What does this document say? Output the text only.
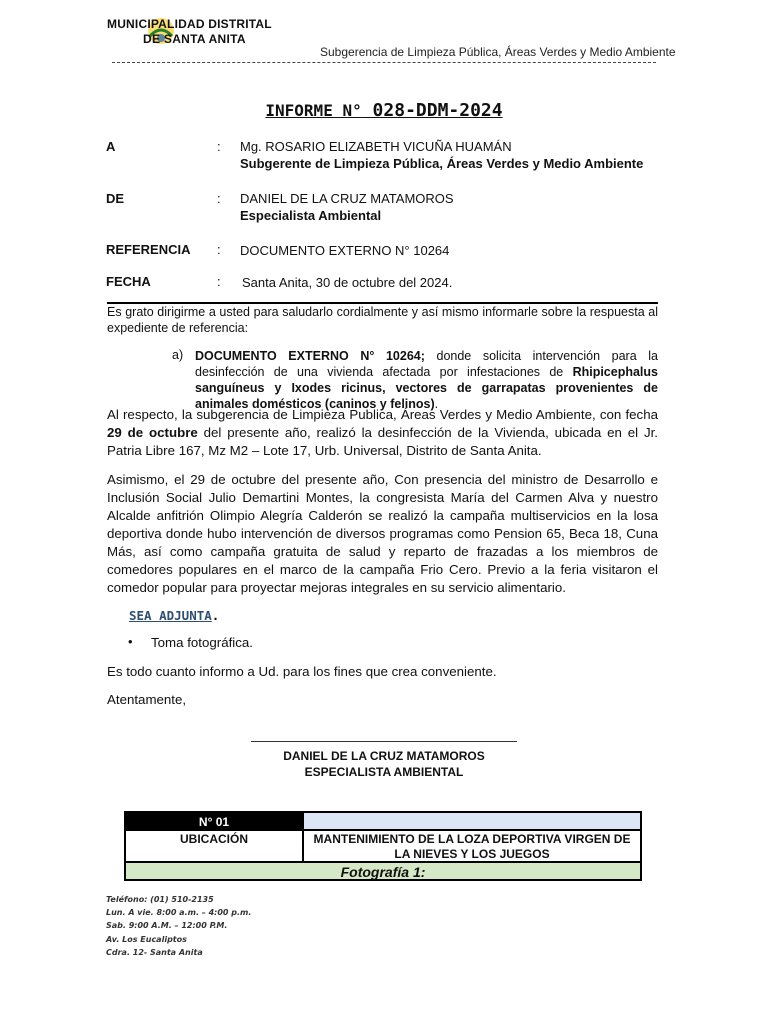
MUNICIPALIDAD DISTRITAL
DE SANTA ANITA
Subgerencia de Limpieza Pública, Áreas Verdes y Medio Ambiente
INFORME N° 028-DDM-2024
A	: Mg. ROSARIO ELIZABETH VICUÑA HUAMÁN
Subgerente de Limpieza Pública, Áreas Verdes y Medio Ambiente
DE	: DANIEL DE LA CRUZ MATAMOROS
Especialista Ambiental
REFERENCIA : DOCUMENTO EXTERNO N° 10264
FECHA	: Santa Anita, 30 de octubre del 2024.
Es grato dirigirme a usted para saludarlo cordialmente y así mismo informarle sobre la respuesta al expediente de referencia:
a) DOCUMENTO EXTERNO N° 10264; donde solicita intervención para la desinfección de una vivienda afectada por infestaciones de Rhipicephalus sanguíneus y Ixodes ricinus, vectores de garrapatas provenientes de animales domésticos (caninos y felinos).
Al respecto, la subgerencia de Limpieza Publica, Áreas Verdes y Medio Ambiente, con fecha 29 de octubre del presente año, realizó la desinfección de la Vivienda, ubicada en el Jr. Patria Libre 167, Mz M2 – Lote 17, Urb. Universal, Distrito de Santa Anita.
Asimismo, el 29 de octubre del presente año, Con presencia del ministro de Desarrollo e Inclusión Social Julio Demartini Montes, la congresista María del Carmen Alva y nuestro Alcalde anfitrión Olimpio Alegría Calderón se realizó la campaña multiservicios en la losa deportiva donde hubo intervención de diversos programas como Pension 65, Beca 18, Cuna Más, así como campaña gratuita de salud y reparto de frazadas a los miembros de comedores populares en el marco de la campaña Frio Cero. Previo a la feria visitaron el comedor popular para proyectar mejoras integrales en su servicio alimentario.
SEA ADJUNTA.
• Toma fotográfica.
Es todo cuanto informo a Ud. para los fines que crea conveniente.
Atentamente,
DANIEL DE LA CRUZ MATAMOROS
ESPECIALISTA AMBIENTAL
N° 01
UBICACIÓN	MANTENIMIENTO DE LA LOZA DEPORTIVA VIRGEN DE LA NIEVES Y LOS JUEGOS
Fotografía 1:
Teléfono: (01) 510-2135
Lun. A vie. 8:00 a.m. – 4:00 p.m.
Sab. 9:00 A.M. – 12:00 P.M.
Av. Los Eucaliptos
Cdra. 12- Santa Anita
